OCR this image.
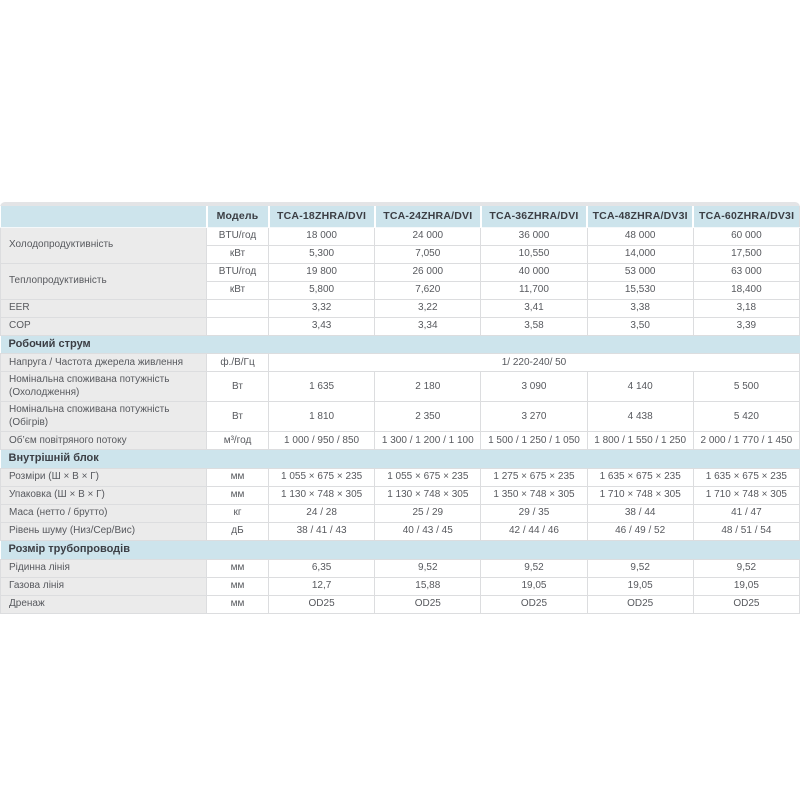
	Модель	TCA-18ZHRA/DVI	TCA-24ZHRA/DVI	TCA-36ZHRA/DVI	TCA-48ZHRA/DV3I	TCA-60ZHRA/DV3I
Холодопродуктивність	BTU/год	18 000	24 000	36 000	48 000	60 000
	кВт	5,300	7,050	10,550	14,000	17,500
Теплопродуктивність	BTU/год	19 800	26 000	40 000	53 000	63 000
	кВт	5,800	7,620	11,700	15,530	18,400
EER		3,32	3,22	3,41	3,38	3,18
COP		3,43	3,34	3,58	3,50	3,39
Робочий струм						
Напруга / Частота джерела живлення	ф./В/Гц	1/ 220-240/ 50				
Номінальна споживана потужність (Охолодження)	Вт	1 635	2 180	3 090	4 140	5 500
Номінальна споживана потужність (Обігрів)	Вт	1 810	2 350	3 270	4 438	5 420
Об’єм повітряного потоку	м³/год	1 000 / 950 / 850	1 300 / 1 200 / 1 100	1 500 / 1 250 / 1 050	1 800 / 1 550 / 1 250	2 000 / 1 770 / 1 450
Внутрішній блок						
Розміри (Ш × В × Г)	мм	1 055 × 675 × 235	1 055 × 675 × 235	1 275 × 675 × 235	1 635 × 675 × 235	1 635 × 675 × 235
Упаковка (Ш × В × Г)	мм	1 130 × 748 × 305	1 130 × 748 × 305	1 350 × 748 × 305	1 710 × 748 × 305	1 710 × 748 × 305
Маса (нетто / брутто)	кг	24 / 28	25 / 29	29 / 35	38 / 44	41 / 47
Рівень шуму (Низ/Сер/Вис)	дБ	38 / 41 / 43	40 / 43 / 45	42 / 44 / 46	46 / 49 / 52	48 / 51 / 54
Розмір трубопроводів						
Рідинна лінія	мм	6,35	9,52	9,52	9,52	9,52
Газова лінія	мм	12,7	15,88	19,05	19,05	19,05
Дренаж	мм	OD25	OD25	OD25	OD25	OD25
